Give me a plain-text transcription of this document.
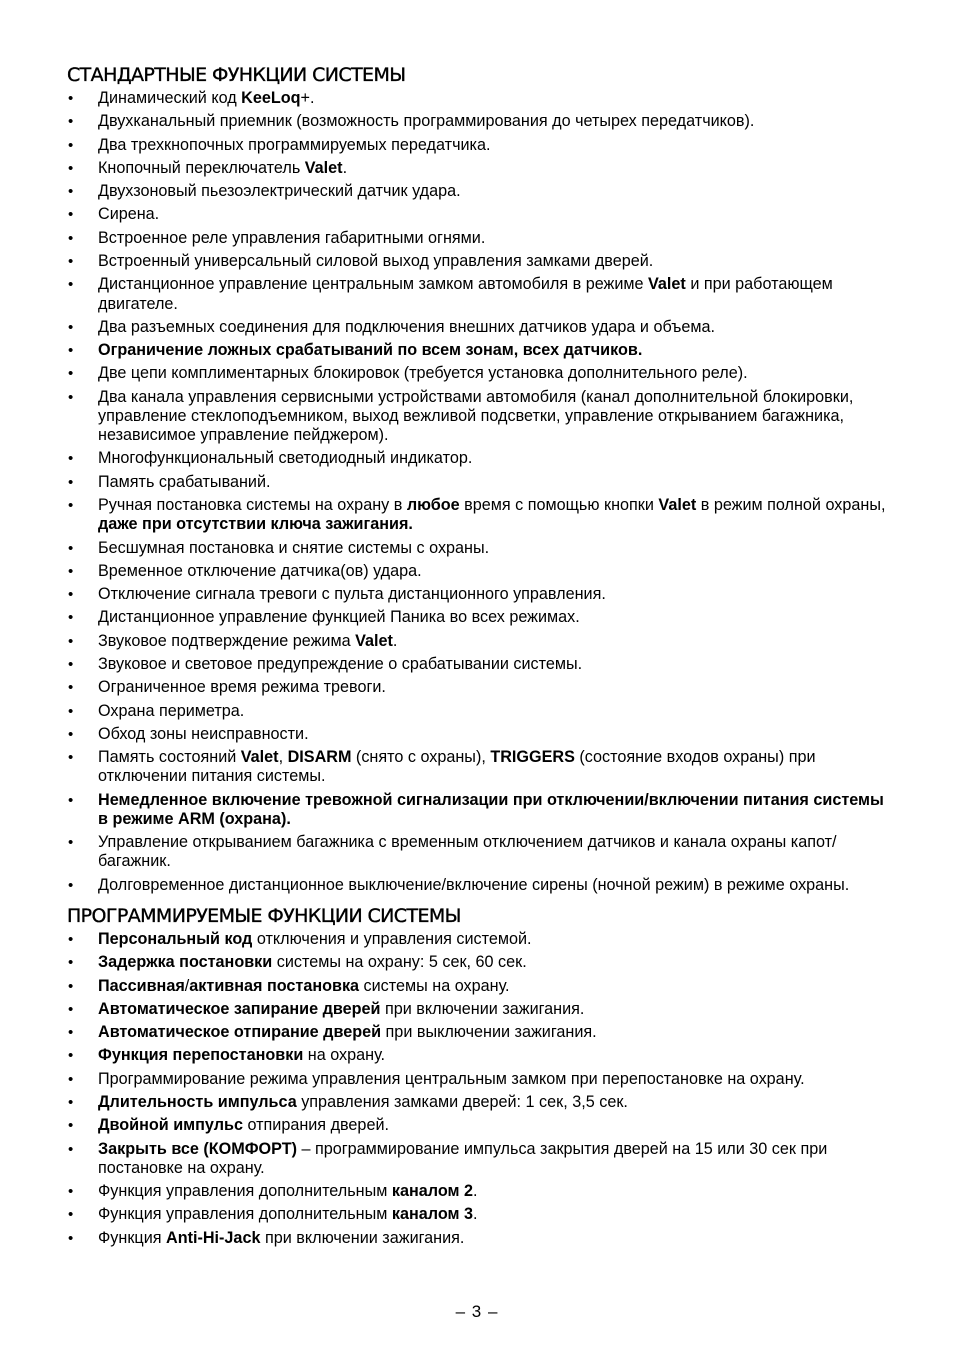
СТАНДАРТНЫЕ ФУНКЦИИ СИСТЕМЫ
• Динамический код KeeLoq+.
• Двухканальный приемник (возможность программирования до четырех передатчиков).
• Два трехкнопочных программируемых передатчика.
• Кнопочный переключатель Valet.
• Двухзоновый пьезоэлектрический датчик удара.
• Сирена.
• Встроенное реле управления габаритными огнями.
• Встроенный универсальный силовой выход управления замками дверей.
• Дистанционное управление центральным замком автомобиля в режиме Valet и при работающем двигателе.
• Два разъемных соединения для подключения внешних датчиков удара и объема.
• Ограничение ложных срабатываний по всем зонам, всех датчиков.
• Две цепи комплиментарных блокировок (требуется установка дополнительного реле).
• Два канала управления сервисными устройствами автомобиля (канал дополнительной блокировки, управление стеклоподъемником, выход вежливой подсветки, управление открыванием багажника, независимое управление пейджером).
• Многофункциональный светодиодный индикатор.
• Память срабатываний.
• Ручная постановка системы на охрану в любое время с помощью кнопки Valet в режим полной охраны, даже при отсутствии ключа зажигания.
• Бесшумная постановка и снятие системы с охраны.
• Временное отключение датчика(ов) удара.
• Отключение сигнала тревоги с пульта дистанционного управления.
• Дистанционное управление функцией Паника во всех режимах.
• Звуковое подтверждение режима Valet.
• Звуковое и световое предупреждение о срабатывании системы.
• Ограниченное время режима тревоги.
• Охрана периметра.
• Обход зоны неисправности.
• Память состояний Valet, DISARM (снято с охраны), TRIGGERS (состояние входов охраны) при отключении питания системы.
• Немедленное включение тревожной сигнализации при отключении/включении питания системы в режиме ARM (охрана).
• Управление открыванием багажника с временным отключением датчиков и канала охраны капот/багажник.
• Долговременное дистанционное выключение/включение сирены (ночной режим) в режиме охраны.
ПРОГРАММИРУЕМЫЕ ФУНКЦИИ СИСТЕМЫ
• Персональный код отключения и управления системой.
• Задержка постановки системы на охрану: 5 сек, 60 сек.
• Пассивная/активная постановка системы на охрану.
• Автоматическое запирание дверей при включении зажигания.
• Автоматическое отпирание дверей при выключении зажигания.
• Функция перепостановки на охрану.
• Программирование режима управления центральным замком при перепостановке на охрану.
• Длительность импульса управления замками дверей: 1 сек, 3,5 сек.
• Двойной импульс отпирания дверей.
• Закрыть все (КОМФОРТ) – программирование импульса закрытия дверей на 15 или 30 сек при постановке на охрану.
• Функция управления дополнительным каналом 2.
• Функция управления дополнительным каналом 3.
• Функция Anti-Hi-Jack при включении зажигания.
– 3 –
